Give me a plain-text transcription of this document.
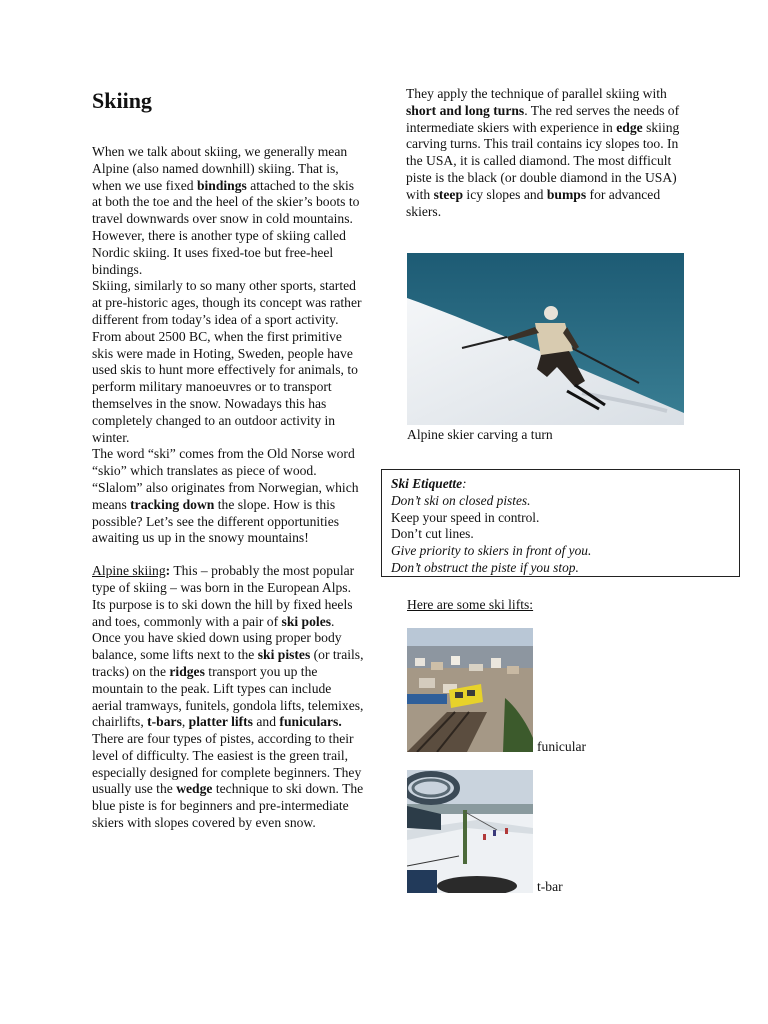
Skiing

When we talk about skiing, we generally mean Alpine (also named downhill) skiing. That is, when we use fixed bindings attached to the skis at both the toe and the heel of the skier’s boots to travel downwards over snow in cold mountains. However, there is another type of skiing called Nordic skiing. It uses fixed-toe but free-heel bindings.

Skiing, similarly to so many other sports, started at pre-historic ages, though its concept was rather different from today’s idea of a sport activity. From about 2500 BC, when the first primitive skis were made in Hoting, Sweden, people have used skis to hunt more effectively for animals, to perform military manoeuvres or to transport themselves in the snow. Nowadays this has completely changed to an outdoor activity in winter.

The word “ski” comes from the Old Norse word “skio” which translates as piece of wood. “Slalom” also originates from Norwegian, which means tracking down the slope. How is this possible? Let’s see the different opportunities awaiting us up in the snowy mountains!

Alpine skiing: This – probably the most popular type of skiing – was born in the European Alps. Its purpose is to ski down the hill by fixed heels and toes, commonly with a pair of ski poles. Once you have skied down using proper body balance, some lifts next to the ski pistes (or trails, tracks) on the ridges transport you up the mountain to the peak. Lift types can include aerial tramways, funitels, gondola lifts, telemixes, chairlifts, t-bars, platter lifts and funiculars.

There are four types of pistes, according to their level of difficulty. The easiest is the green trail, especially designed for complete beginners. They usually use the wedge technique to ski down. The blue piste is for beginners and pre-intermediate skiers with slopes covered by even snow.

They apply the technique of parallel skiing with short and long turns. The red serves the needs of intermediate skiers with experience in edge skiing carving turns. This trail contains icy slopes too. In the USA, it is called diamond. The most difficult piste is the black (or double diamond in the USA) with steep icy slopes and bumps for advanced skiers.

Alpine skier carving a turn
Ski Etiquette:
Don’t ski on closed pistes.
Keep your speed in control.
Don’t cut lines.
Give priority to skiers in front of you.
Don’t obstruct the piste if you stop.
Here are some ski lifts:
funicular
t-bar
